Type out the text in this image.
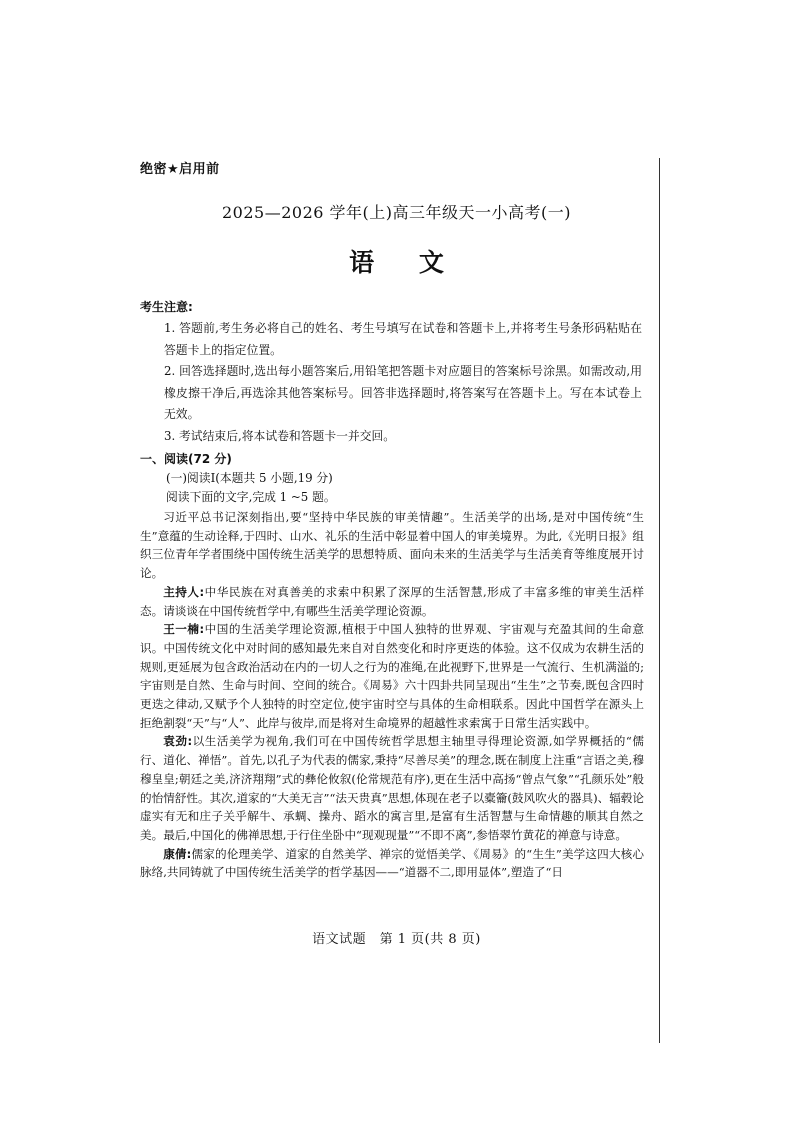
绝密★启用前
2025—2026 学年(上)高三年级天一小高考(一)
语 文
考生注意:

1. 答题前,考生务必将自己的姓名、考生号填写在试卷和答题卡上,并将考生号条形码粘贴在答题卡上的指定位置。

2. 回答选择题时,选出每小题答案后,用铅笔把答题卡对应题目的答案标号涂黑。如需改动,用橡皮擦干净后,再选涂其他答案标号。回答非选择题时,将答案写在答题卡上。写在本试卷上无效。

3. 考试结束后,将本试卷和答题卡一并交回。

一、阅读(72 分)
(一)阅读Ⅰ(本题共 5 小题,19 分)
阅读下面的文字,完成 1 ~5 题。

习近平总书记深刻指出,要“坚持中华民族的审美情趣”。生活美学的出场,是对中国传统“生生”意蕴的生动诠释,于四时、山水、礼乐的生活中彰显着中国人的审美境界。为此,《光明日报》组织三位青年学者围绕中国传统生活美学的思想特质、面向未来的生活美学与生活美育等维度展开讨论。

主持人:中华民族在对真善美的求索中积累了深厚的生活智慧,形成了丰富多维的审美生活样态。请谈谈在中国传统哲学中,有哪些生活美学理论资源。

王一楠:中国的生活美学理论资源,植根于中国人独特的世界观、宇宙观与充盈其间的生命意识。中国传统文化中对时间的感知最先来自对自然变化和时序更迭的体验。这不仅成为农耕生活的规则,更延展为包含政治活动在内的一切人之行为的准绳,在此视野下,世界是一气流行、生机满溢的;宇宙则是自然、生命与时间、空间的统合。《周易》六十四卦共同呈现出“生生”之节奏,既包含四时更迭之律动,又赋予个人独特的时空定位,使宇宙时空与具体的生命相联系。因此中国哲学在源头上拒绝割裂“天”与“人”、此岸与彼岸,而是将对生命境界的超越性求索寓于日常生活实践中。

袁劲:以生活美学为视角,我们可在中国传统哲学思想主轴里寻得理论资源,如学界概括的“儒行、道化、禅悟”。首先,以孔子为代表的儒家,秉持“尽善尽美”的理念,既在制度上注重“言语之美,穆穆皇皇;朝廷之美,济济翔翔”式的彝伦攸叙(伦常规范有序),更在生活中高扬“曾点气象”“孔颜乐处”般的怡情舒性。其次,道家的“大美无言”“法天贵真”思想,体现在老子以橐籥(鼓风吹火的器具)、辐毂论虚实有无和庄子关乎解牛、承蜩、操舟、蹈水的寓言里,是富有生活智慧与生命情趣的顺其自然之美。最后,中国化的佛禅思想,于行住坐卧中“现观现量”“不即不离”,参悟翠竹黄花的禅意与诗意。

康倩:儒家的伦理美学、道家的自然美学、禅宗的觉悟美学、《周易》的“生生”美学这四大核心脉络,共同铸就了中国传统生活美学的哲学基因——“道器不二,即用显体”,塑造了“日

语文试题　第 1 页(共 8 页)
